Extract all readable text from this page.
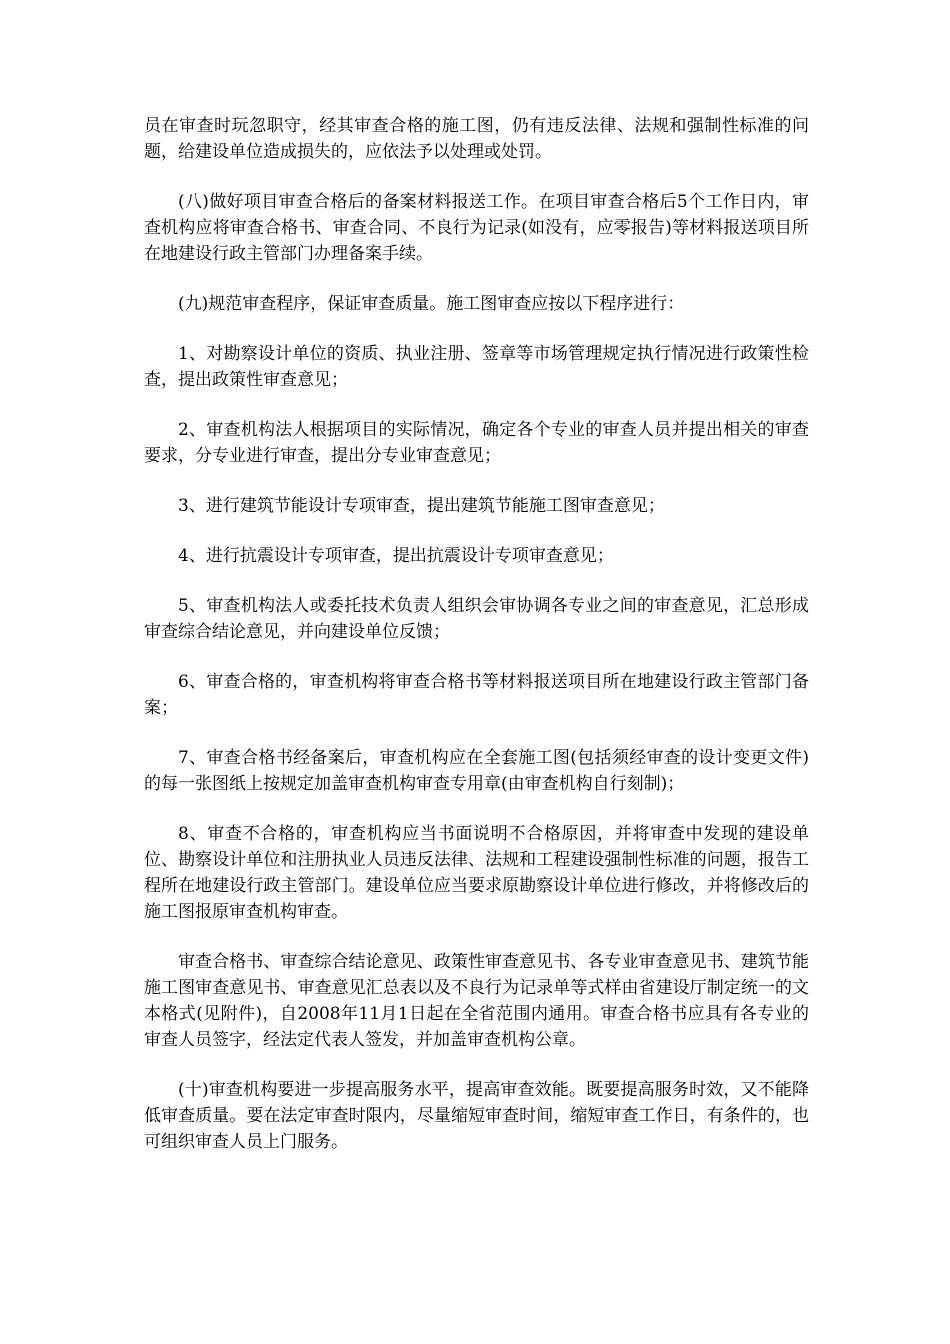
员在审查时玩忽职守，经其审查合格的施工图，仍有违反法律、法规和强制性标准的问题，给建设单位造成损失的，应依法予以处理或处罚。

(八)做好项目审查合格后的备案材料报送工作。在项目审查合格后5个工作日内，审查机构应将审查合格书、审查合同、不良行为记录(如没有，应零报告)等材料报送项目所在地建设行政主管部门办理备案手续。

(九)规范审查程序，保证审查质量。施工图审查应按以下程序进行：

1、对勘察设计单位的资质、执业注册、签章等市场管理规定执行情况进行政策性检查，提出政策性审查意见；

2、审查机构法人根据项目的实际情况，确定各个专业的审查人员并提出相关的审查要求，分专业进行审查，提出分专业审查意见；

3、进行建筑节能设计专项审查，提出建筑节能施工图审查意见；

4、进行抗震设计专项审查，提出抗震设计专项审查意见；

5、审查机构法人或委托技术负责人组织会审协调各专业之间的审查意见，汇总形成审查综合结论意见，并向建设单位反馈；

6、审查合格的，审查机构将审查合格书等材料报送项目所在地建设行政主管部门备案；

7、审查合格书经备案后，审查机构应在全套施工图(包括须经审查的设计变更文件)的每一张图纸上按规定加盖审查机构审查专用章(由审查机构自行刻制)；

8、审查不合格的，审查机构应当书面说明不合格原因，并将审查中发现的建设单位、勘察设计单位和注册执业人员违反法律、法规和工程建设强制性标准的问题，报告工程所在地建设行政主管部门。建设单位应当要求原勘察设计单位进行修改，并将修改后的施工图报原审查机构审查。

审查合格书、审查综合结论意见、政策性审查意见书、各专业审查意见书、建筑节能施工图审查意见书、审查意见汇总表以及不良行为记录单等式样由省建设厅制定统一的文本格式(见附件)，自2008年11月1日起在全省范围内通用。审查合格书应具有各专业的审查人员签字，经法定代表人签发，并加盖审查机构公章。

(十)审查机构要进一步提高服务水平，提高审查效能。既要提高服务时效，又不能降低审查质量。要在法定审查时限内，尽量缩短审查时间，缩短审查工作日，有条件的，也可组织审查人员上门服务。
